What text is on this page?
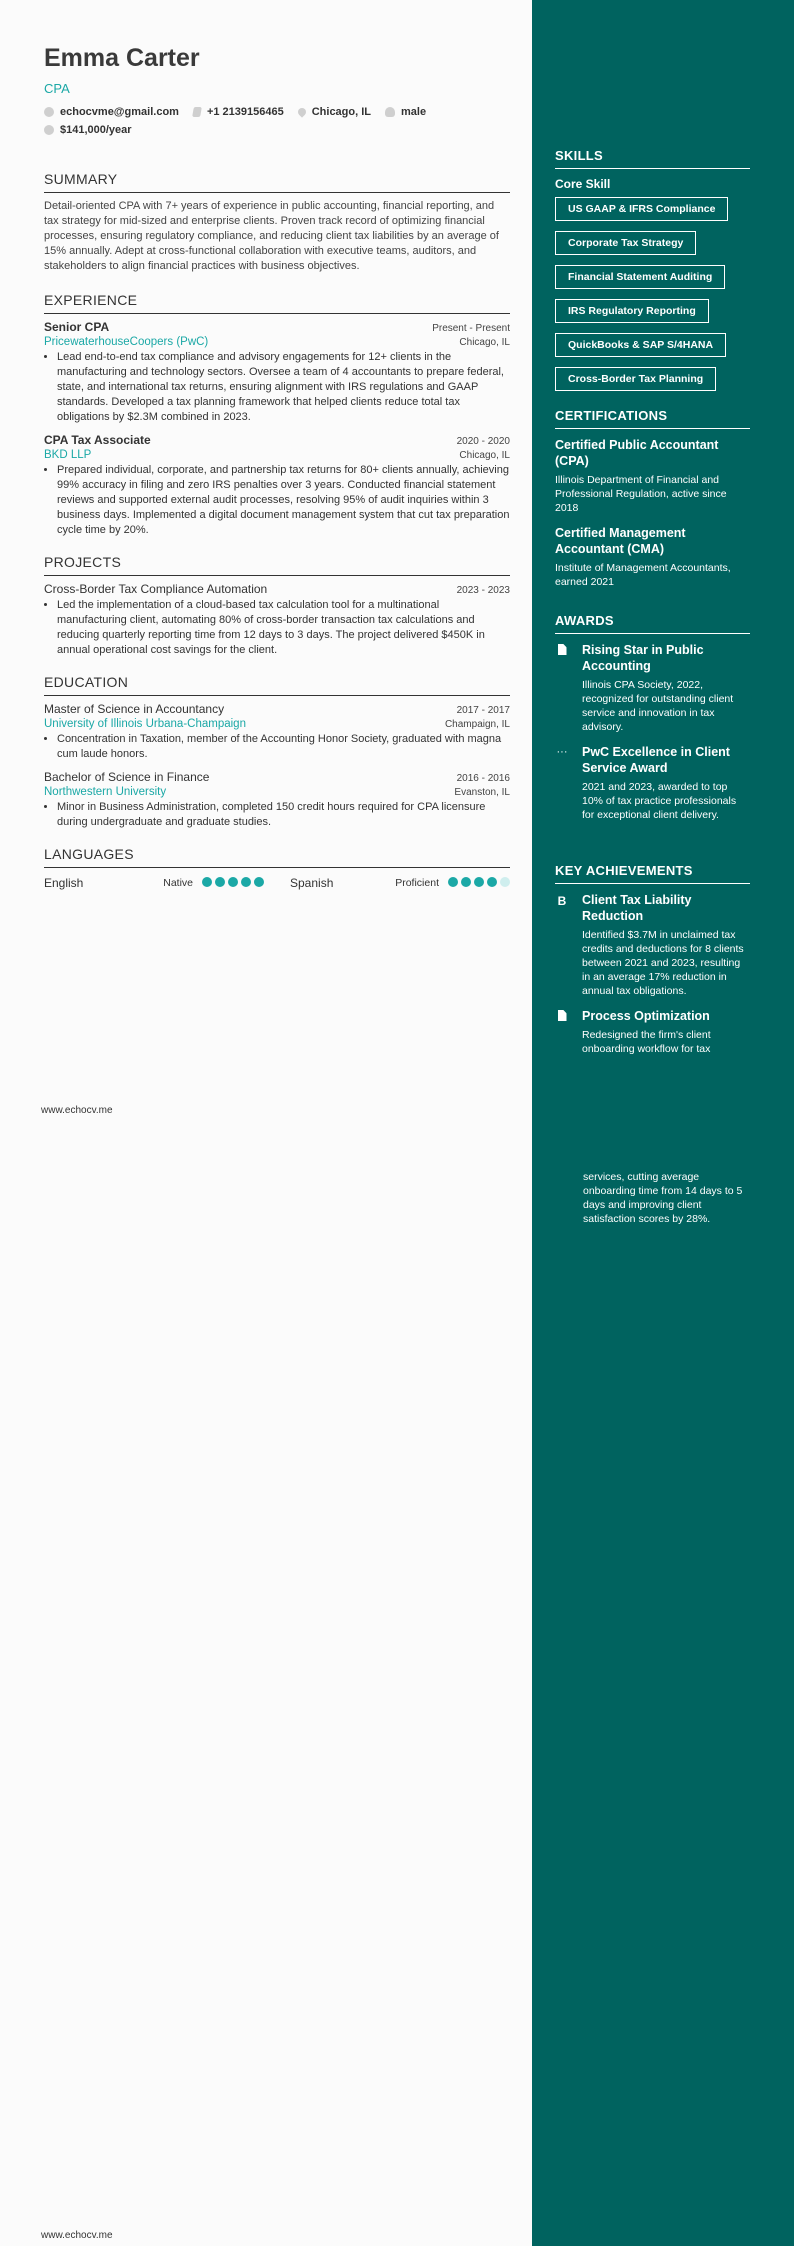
Emma Carter
CPA
echocvme@gmail.com	+1 2139156465	Chicago, IL	male
$141,000/year
SUMMARY

Detail-oriented CPA with 7+ years of experience in public accounting, financial reporting, and tax strategy for mid-sized and enterprise clients. Proven track record of optimizing financial processes, ensuring regulatory compliance, and reducing client tax liabilities by an average of 15% annually. Adept at cross-functional collaboration with executive teams, auditors, and stakeholders to align financial practices with business objectives.

EXPERIENCE
Senior CPA	Present - Present
PricewaterhouseCoopers (PwC)	Chicago, IL
• Lead end-to-end tax compliance and advisory engagements for 12+ clients in the manufacturing and technology sectors. Oversee a team of 4 accountants to prepare federal, state, and international tax returns, ensuring alignment with IRS regulations and GAAP standards. Developed a tax planning framework that helped clients reduce total tax obligations by $2.3M combined in 2023.
CPA Tax Associate	2020 - 2020
BKD LLP	Chicago, IL
• Prepared individual, corporate, and partnership tax returns for 80+ clients annually, achieving 99% accuracy in filing and zero IRS penalties over 3 years. Conducted financial statement reviews and supported external audit processes, resolving 95% of audit inquiries within 3 business days. Implemented a digital document management system that cut tax preparation cycle time by 20%.
PROJECTS
Cross-Border Tax Compliance Automation	2023 - 2023
• Led the implementation of a cloud-based tax calculation tool for a multinational manufacturing client, automating 80% of cross-border transaction tax calculations and reducing quarterly reporting time from 12 days to 3 days. The project delivered $450K in annual operational cost savings for the client.
EDUCATION
Master of Science in Accountancy	2017 - 2017
University of Illinois Urbana-Champaign	Champaign, IL
• Concentration in Taxation, member of the Accounting Honor Society, graduated with magna cum laude honors.
Bachelor of Science in Finance	2016 - 2016
Northwestern University	Evanston, IL
• Minor in Business Administration, completed 150 credit hours required for CPA licensure during undergraduate and graduate studies.
LANGUAGES
English	Native	Spanish	Proficient
www.echocv.me
www.echocv.me
SKILLS
Core Skill
US GAAP & IFRS Compliance
Corporate Tax Strategy
Financial Statement Auditing
IRS Regulatory Reporting
QuickBooks & SAP S/4HANA
Cross-Border Tax Planning
CERTIFICATIONS
Certified Public Accountant (CPA)
Illinois Department of Financial and Professional Regulation, active since 2018
Certified Management Accountant (CMA)
Institute of Management Accountants, earned 2021
AWARDS
Rising Star in Public Accounting
Illinois CPA Society, 2022, recognized for outstanding client service and innovation in tax advisory.
··· PwC Excellence in Client Service Award
2021 and 2023, awarded to top 10% of tax practice professionals for exceptional client delivery.
KEY ACHIEVEMENTS
B Client Tax Liability Reduction
Identified $3.7M in unclaimed tax credits and deductions for 8 clients between 2021 and 2023, resulting in an average 17% reduction in annual tax obligations.
Process Optimization
Redesigned the firm's client onboarding workflow for tax
services, cutting average onboarding time from 14 days to 5 days and improving client satisfaction scores by 28%.
